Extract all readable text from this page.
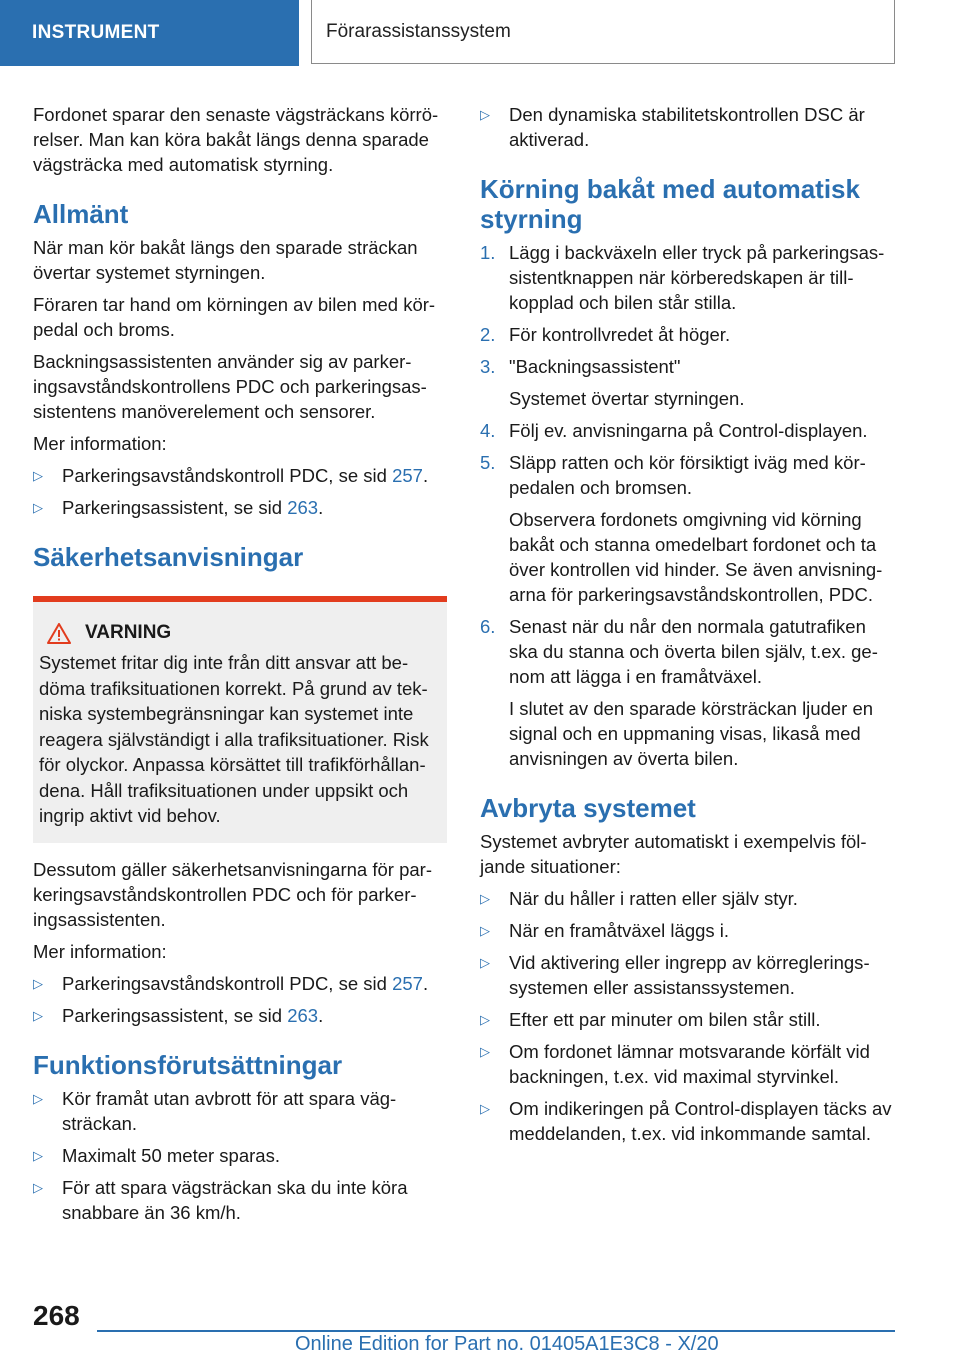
INSTRUMENT	Förarassistanssystem

Fordonet sparar den senaste vägsträckans körrörelser. Man kan köra bakåt längs denna sparade vägsträcka med automatisk styrning.

Allmänt

När man kör bakåt längs den sparade sträckan övertar systemet styrningen.

Föraren tar hand om körningen av bilen med körpedal och broms.

Backningsassistenten använder sig av parkeringsavståndskontrollens PDC och parkeringsassistentens manöverelement och sensorer.

Mer information:

▷ Parkeringsavståndskontroll PDC, se sid 257.
▷ Parkeringsassistent, se sid 263.
Säkerhetsanvisningar
VARNING

Systemet fritar dig inte från ditt ansvar att bedöma trafiksituationen korrekt. På grund av tekniska systembegränsningar kan systemet inte reagera självständigt i alla trafiksituationer. Risk för olyckor. Anpassa körsättet till trafikförhållandena. Håll trafiksituationen under uppsikt och ingrip aktivt vid behov.

Dessutom gäller säkerhetsanvisningarna för parkeringsavståndskontrollen PDC och för parkeringsassistenten.

Mer information:

▷ Parkeringsavståndskontroll PDC, se sid 257.
▷ Parkeringsassistent, se sid 263.
Funktionsförutsättningar
▷ Kör framåt utan avbrott för att spara vägsträckan.
▷ Maximalt 50 meter sparas.
▷ För att spara vägsträckan ska du inte köra snabbare än 36 km/h.
▷ Den dynamiska stabilitetskontrollen DSC är aktiverad.
Körning bakåt med automatisk styrning
1. Lägg i backväxeln eller tryck på parkeringsassistentknappen när körberedskapen är tillkopplad och bilen står stilla.
2. För kontrollvredet åt höger.
3. "Backningsassistent"
Systemet övertar styrningen.
4. Följ ev. anvisningarna på Control-displayen.
5. Släpp ratten och kör försiktigt iväg med körpedalen och bromsen.
Observera fordonets omgivning vid körning bakåt och stanna omedelbart fordonet och ta över kontrollen vid hinder. Se även anvisningarna för parkeringsavståndskontrollen, PDC.
6. Senast när du når den normala gatutrafiken ska du stanna och överta bilen själv, t.ex. genom att lägga i en framåtväxel.
I slutet av den sparade körsträckan ljuder en signal och en uppmaning visas, likaså med anvisningen av överta bilen.
Avbryta systemet

Systemet avbryter automatiskt i exempelvis följande situationer:

▷ När du håller i ratten eller själv styr.
▷ När en framåtväxel läggs i.
▷ Vid aktivering eller ingrepp av körregleringssystemen eller assistanssystemen.
▷ Efter ett par minuter om bilen står still.
▷ Om fordonet lämnar motsvarande körfält vid backningen, t.ex. vid maximal styrvinkel.
▷ Om indikeringen på Control-displayen täcks av meddelanden, t.ex. vid inkommande samtal.
268
Online Edition for Part no. 01405A1E3C8 - X/20
